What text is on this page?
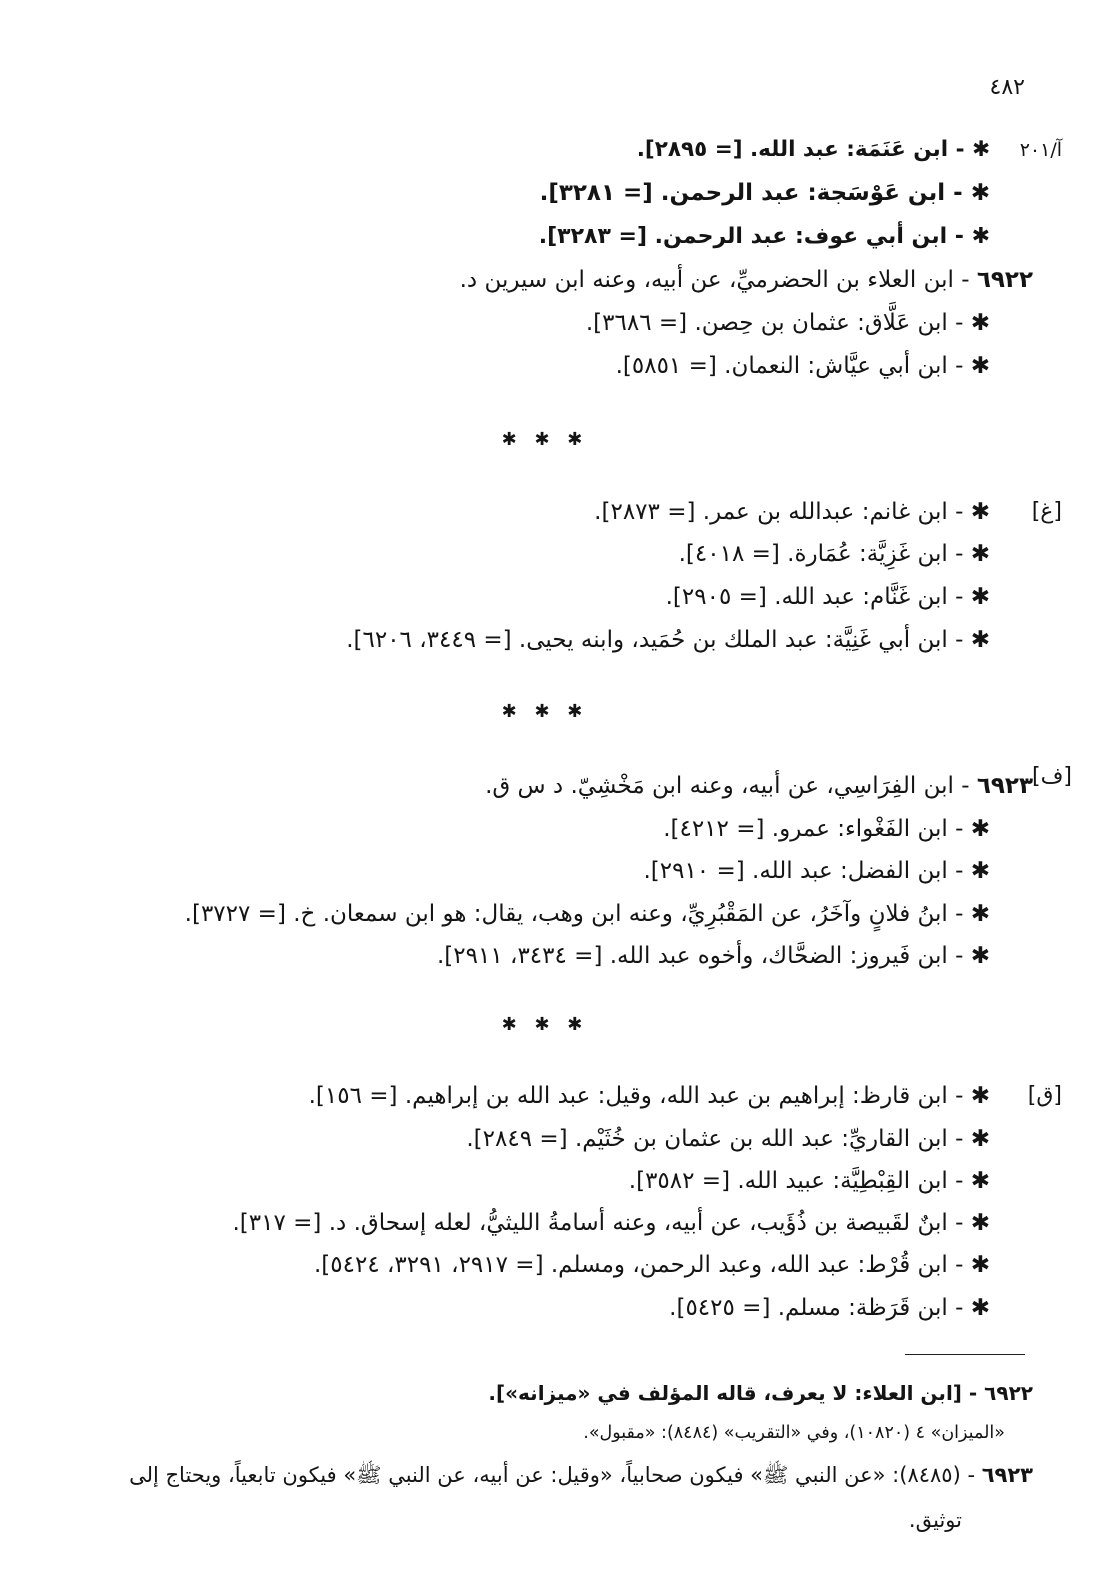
٤٨٢
آ/٢٠١
✱ - ابن عَنَمَة: عبد الله. [= ٢٨٩٥].
✱ - ابن عَوْسَجة: عبد الرحمن. [= ٣٢٨١].
✱ - ابن أبي عوف: عبد الرحمن. [= ٣٢٨٣].
٦٩٢٢ - ابن العلاء بن الحضرميِّ، عن أبيه، وعنه ابن سيرين د.
✱ - ابن عَلَّاق: عثمان بن حِصن. [= ٣٦٨٦].
✱ - ابن أبي عيَّاش: النعمان. [= ٥٨٥١].
✱ ✱ ✱
[غ]
✱ - ابن غانم: عبدالله بن عمر. [= ٢٨٧٣].
✱ - ابن غَزِيَّة: عُمَارة. [= ٤٠١٨].
✱ - ابن غَنَّام: عبد الله. [= ٢٩٠٥].
✱ - ابن أبي غَنِيَّة: عبد الملك بن حُمَيد، وابنه يحيى. [= ٣٤٤٩، ٦٢٠٦].
✱ ✱ ✱
[ف]
٦٩٢٣ - ابن الفِرَاسِي، عن أبيه، وعنه ابن مَخْشِيّ. د س ق.
✱ - ابن الفَغْواء: عمرو. [= ٤٢١٢].
✱ - ابن الفضل: عبد الله. [= ٢٩١٠].
✱ - ابنُ فلانٍ وآخَرُ، عن المَقْبُرِيِّ، وعنه ابن وهب، يقال: هو ابن سمعان. خ. [= ٣٧٢٧].
✱ - ابن فَيروز: الضحَّاك، وأخوه عبد الله. [= ٣٤٣٤، ٢٩١١].
✱ ✱ ✱
[ق]
✱ - ابن قارظ: إبراهيم بن عبد الله، وقيل: عبد الله بن إبراهيم. [= ١٥٦].
✱ - ابن القاريِّ: عبد الله بن عثمان بن خُثَيْم. [= ٢٨٤٩].
✱ - ابن القِبْطِيَّة: عبيد الله. [= ٣٥٨٢].
✱ - ابنٌ لقَبيصة بن ذُؤَيب، عن أبيه، وعنه أسامةُ الليثيُّ، لعله إسحاق. د. [= ٣١٧].
✱ - ابن قُرْط: عبد الله، وعبد الرحمن، ومسلم. [= ٢٩١٧، ٣٢٩١، ٥٤٢٤].
✱ - ابن قَرَظة: مسلم. [= ٥٤٢٥].
٦٩٢٢ - [ابن العلاء: لا يعرف، قاله المؤلف في «ميزانه»].
«الميزان» ٤ (١٠٨٢٠)، وفي «التقريب» (٨٤٨٤): «مقبول».
٦٩٢٣ - (٨٤٨٥): «عن النبي ﷺ» فيكون صحابياً، «وقيل: عن أبيه، عن النبي ﷺ» فيكون تابعياً، ويحتاج إلى
توثيق.
